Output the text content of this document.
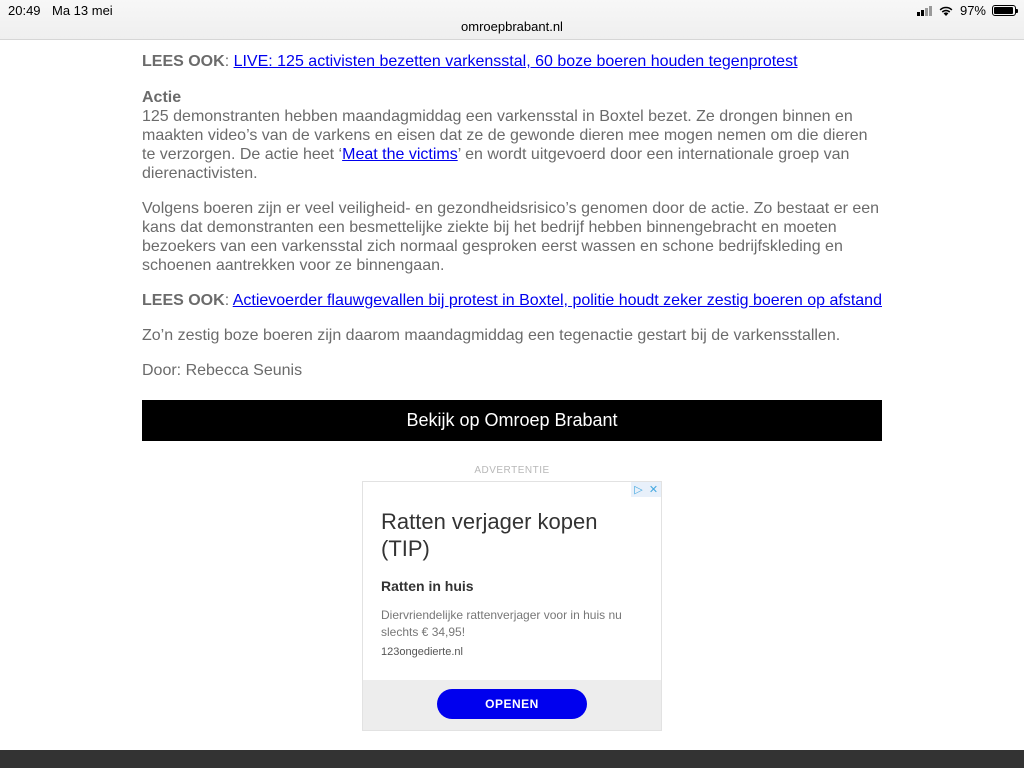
20:49 Ma 13 mei
omroepbrabant.nl
97%

LEES OOK: LIVE: 125 activisten bezetten varkensstal, 60 boze boeren houden tegenprotest

Actie

125 demonstranten hebben maandagmiddag een varkensstal in Boxtel bezet. Ze drongen binnen en maakten video’s van de varkens en eisen dat ze de gewonde dieren mee mogen nemen om die dieren te verzorgen. De actie heet ‘Meat the victims’ en wordt uitgevoerd door een internationale groep van dierenactivisten.

Volgens boeren zijn er veel veiligheid- en gezondheidsrisico’s genomen door de actie. Zo bestaat er een kans dat demonstranten een besmettelijke ziekte bij het bedrijf hebben binnengebracht en moeten bezoekers van een varkensstal zich normaal gesproken eerst wassen en schone bedrijfskleding en schoenen aantrekken voor ze binnengaan.

LEES OOK: Actievoerder flauwgevallen bij protest in Boxtel, politie houdt zeker zestig boeren op afstand

Zo’n zestig boze boeren zijn daarom maandagmiddag een tegenactie gestart bij de varkensstallen.

Door: Rebecca Seunis

Bekijk op Omroep Brabant
ADVERTENTIE
▷ ✕
Ratten verjager kopen (TIP)
Ratten in huis
Diervriendelijke rattenverjager voor in huis nu slechts € 34,95!
123ongedierte.nl
OPENEN
